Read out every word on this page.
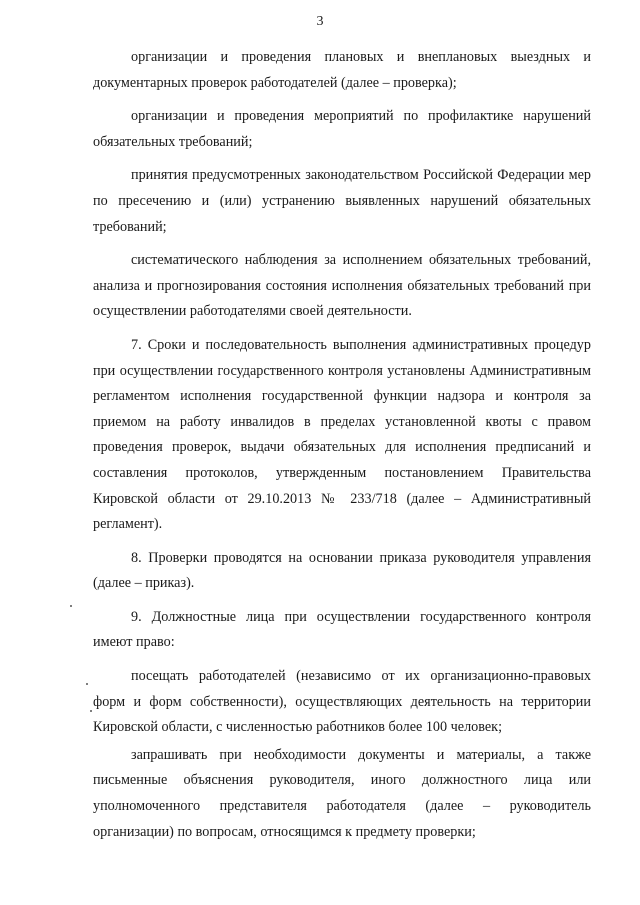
3

организации и проведения плановых и внеплановых выездных и документарных проверок работодателей (далее – проверка);

организации и проведения мероприятий по профилактике нарушений обязательных требований;

принятия предусмотренных законодательством Российской Федерации мер по пресечению и (или) устранению выявленных нарушений обязательных требований;

систематического наблюдения за исполнением обязательных требований, анализа и прогнозирования состояния исполнения обязательных требований при осуществлении работодателями своей деятельности.

7. Сроки и последовательность выполнения административных процедур при осуществлении государственного контроля установлены Административным регламентом исполнения государственной функции надзора и контроля за приемом на работу инвалидов в пределах установленной квоты с правом проведения проверок, выдачи обязательных для исполнения предписаний и составления протоколов, утвержденным постановлением Правительства Кировской области от 29.10.2013 № 233/718 (далее – Административный регламент).

8. Проверки проводятся на основании приказа руководителя управления (далее – приказ).

9. Должностные лица при осуществлении государственного контроля имеют право:

посещать работодателей (независимо от их организационно-правовых форм и форм собственности), осуществляющих деятельность на территории Кировской области, с численностью работников более 100 человек;

запрашивать при необходимости документы и материалы, а также письменные объяснения руководителя, иного должностного лица или уполномоченного представителя работодателя (далее – руководитель организации) по вопросам, относящимся к предмету проверки;
